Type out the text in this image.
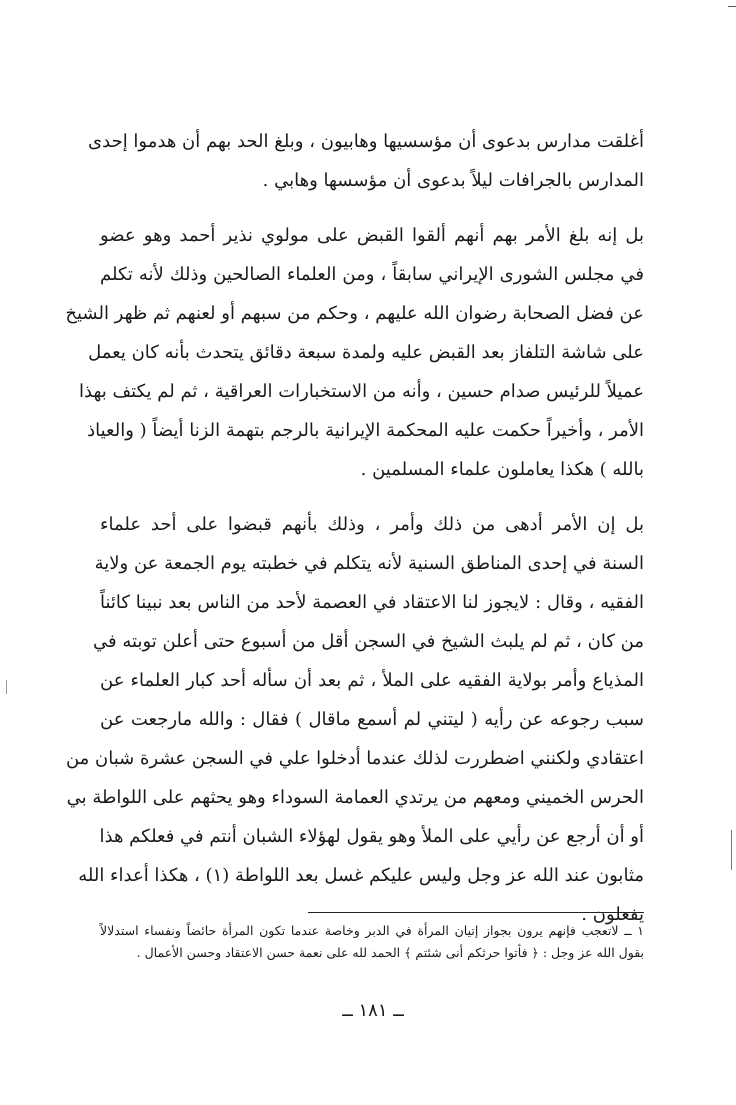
أغلقت مدارس بدعوى أن مؤسسيها وهابيون ، وبلغ الحد بهم أن هدموا إحدى
المدارس بالجرافات ليلاً بدعوى أن مؤسسها وهابي .
بل إنه بلغ الأمر بهم أنهم ألقوا القبض على مولوي نذير أحمد وهو عضو
في مجلس الشورى الإيراني سابقاً ، ومن العلماء الصالحين وذلك لأنه تكلم
عن فضل الصحابة رضوان الله عليهم ، وحكم من سبهم أو لعنهم ثم ظهر الشيخ
على شاشة التلفاز بعد القبض عليه ولمدة سبعة دقائق يتحدث بأنه كان يعمل
عميلاً للرئيس صدام حسين ، وأنه من الاستخبارات العراقية ، ثم لم يكتف بهذا
الأمر ، وأخيراً حكمت عليه المحكمة الإيرانية بالرجم بتهمة الزنا أيضاً ( والعياذ
بالله ) هكذا يعاملون علماء المسلمين .
بل إن الأمر أدهى من ذلك وأمر ، وذلك بأنهم قبضوا على أحد علماء
السنة في إحدى المناطق السنية لأنه يتكلم في خطبته يوم الجمعة عن ولاية
الفقيه ، وقال : لايجوز لنا الاعتقاد في العصمة لأحد من الناس بعد نبينا كائناً
من كان ، ثم لم يلبث الشيخ في السجن أقل من أسبوع حتى أعلن توبته في
المذياع وأمر بولاية الفقيه على الملأ ، ثم بعد أن سأله أحد كبار العلماء عن
سبب رجوعه عن رأيه ( ليتني لم أسمع ماقال ) فقال : والله مارجعت عن
اعتقادي ولكنني اضطررت لذلك عندما أدخلوا علي في السجن عشرة شبان من
الحرس الخميني ومعهم من يرتدي العمامة السوداء وهو يحثهم على اللواطة بي
أو أن أرجع عن رأيي على الملأ وهو يقول لهؤلاء الشبان أنتم في فعلكم هذا
مثابون عند الله عز وجل وليس عليكم غسل بعد اللواطة (١) ، هكذا أعداء الله
يفعلون .
١ ــ لاتعجب فإنهم يرون بجواز إتيان المرأة في الدبر وخاصة عندما تكون المرأة حائضاً ونفساء استدلالاً
بقول الله عز وجل : ﴿ فأتوا حرثكم أنى شئتم ﴾ الحمد لله على نعمة حسن الاعتقاد وحسن الأعمال .
ــ ١٨١ ــ
